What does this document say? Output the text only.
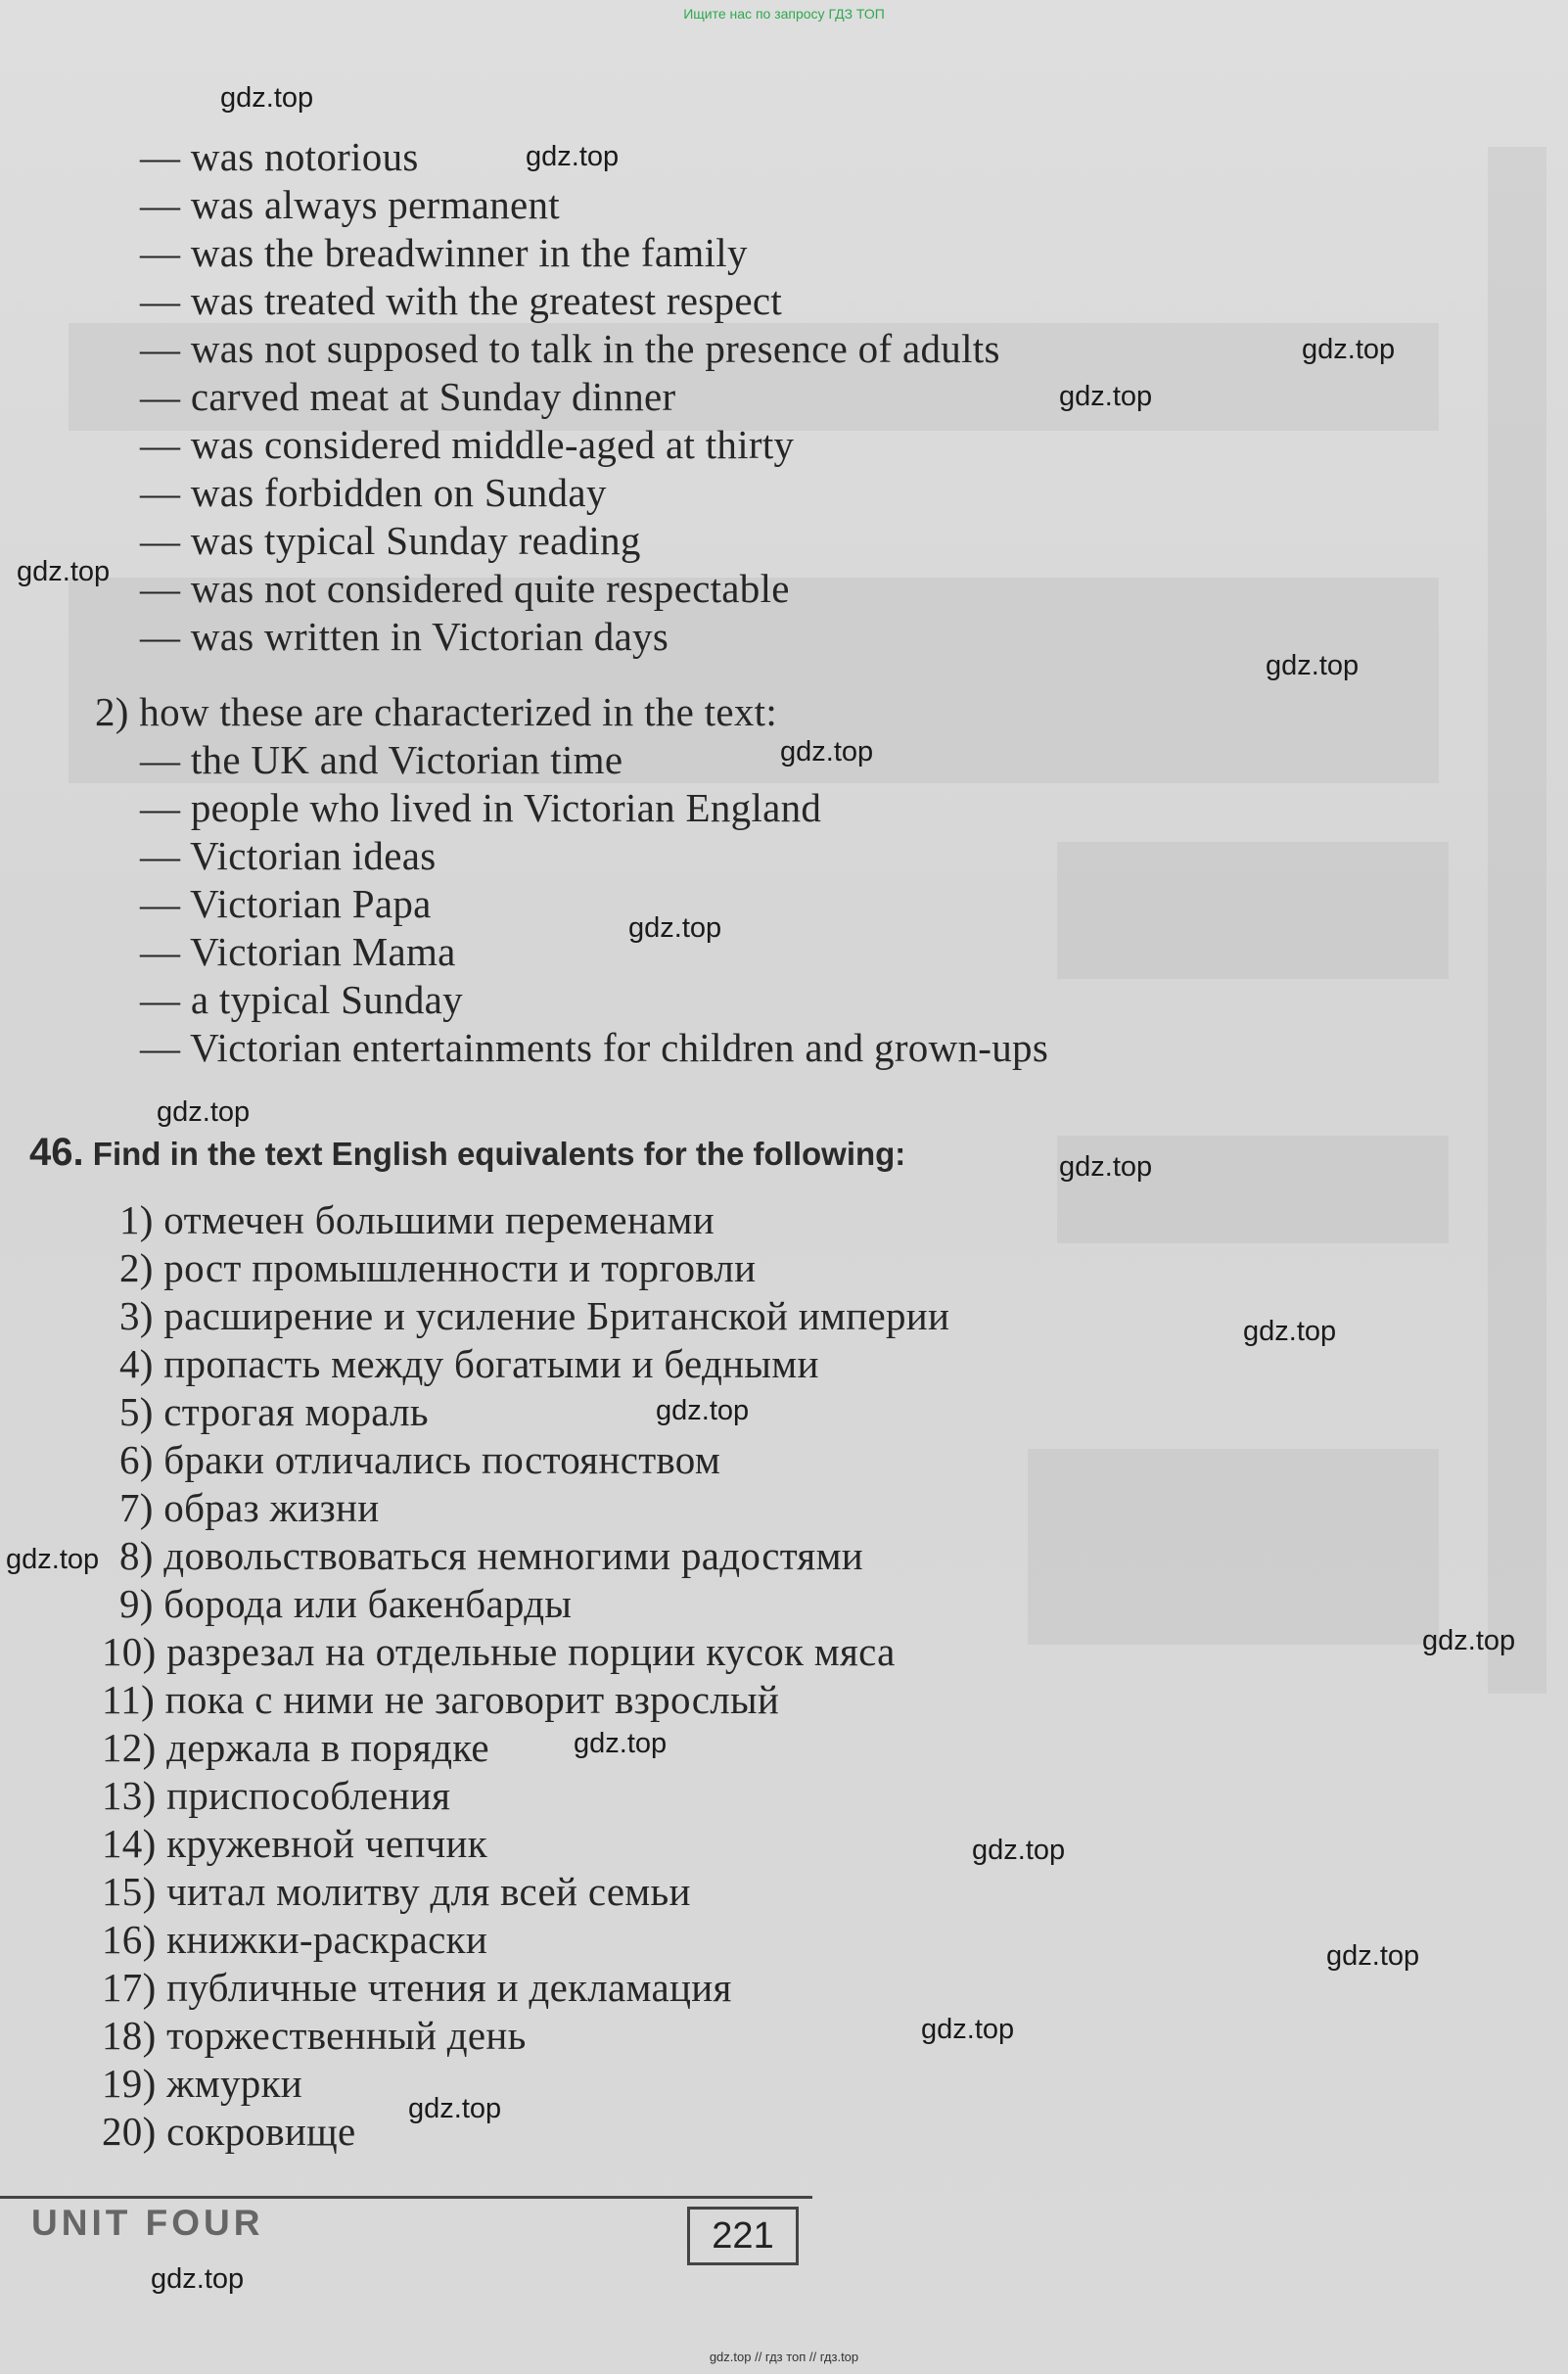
Ищите нас по запросу ГДЗ ТОП
— was notorious
— was always permanent
— was the breadwinner in the family
— was treated with the greatest respect
— was not supposed to talk in the presence of adults
— carved meat at Sunday dinner
— was considered middle-aged at thirty
— was forbidden on Sunday
— was typical Sunday reading
— was not considered quite respectable
— was written in Victorian days
2) how these are characterized in the text:
— the UK and Victorian time
— people who lived in Victorian England
— Victorian ideas
— Victorian Papa
— Victorian Mama
— a typical Sunday
— Victorian entertainments for children and grown-ups
46. Find in the text English equivalents for the following:
1) отмечен большими переменами
2) рост промышленности и торговли
3) расширение и усиление Британской империи
4) пропасть между богатыми и бедными
5) строгая мораль
6) браки отличались постоянством
7) образ жизни
8) довольствоваться немногими радостями
9) борода или бакенбарды
10) разрезал на отдельные порции кусок мяса
11) пока с ними не заговорит взрослый
12) держала в порядке
13) приспособления
14) кружевной чепчик
15) читал молитву для всей семьи
16) книжки-раскраски
17) публичные чтения и декламация
18) торжественный день
19) жмурки
20) сокровище
UNIT FOUR	221
gdz.top
gdz.top
gdz.top
gdz.top
gdz.top
gdz.top
gdz.top
gdz.top
gdz.top
gdz.top
gdz.top
gdz.top
gdz.top
gdz.top
gdz.top
gdz.top
gdz.top
gdz.top
gdz.top
gdz.top
gdz.top // гдз топ // гдз.top
